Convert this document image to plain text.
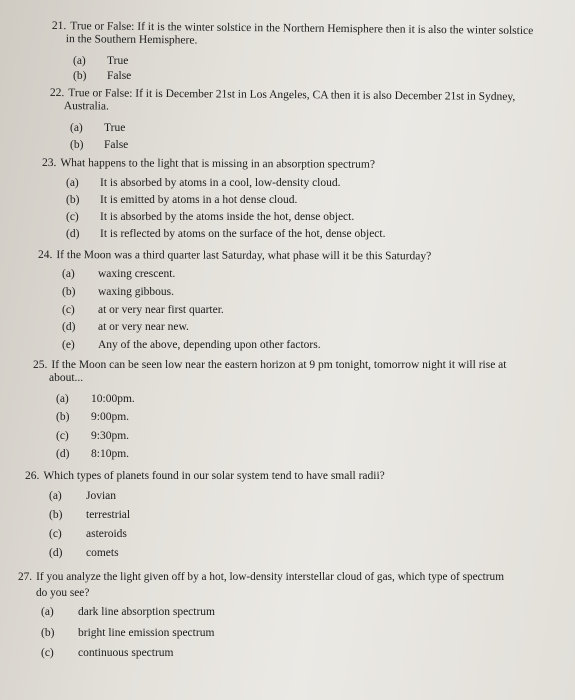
21. True or False: If it is the winter solstice in the Northern Hemisphere then it is also the winter solstice
in the Southern Hemisphere.
(a) True
(b) False
22. True or False: If it is December 21st in Los Angeles, CA then it is also December 21st in Sydney,
Australia.
(a) True
(b) False
23. What happens to the light that is missing in an absorption spectrum?
(a) It is absorbed by atoms in a cool, low-density cloud.
(b) It is emitted by atoms in a hot dense cloud.
(c) It is absorbed by the atoms inside the hot, dense object.
(d) It is reflected by atoms on the surface of the hot, dense object.
24. If the Moon was a third quarter last Saturday, what phase will it be this Saturday?
(a) waxing crescent.
(b) waxing gibbous.
(c) at or very near first quarter.
(d) at or very near new.
(e) Any of the above, depending upon other factors.
25. If the Moon can be seen low near the eastern horizon at 9 pm tonight, tomorrow night it will rise at
about...
(a) 10:00pm.
(b) 9:00pm.
(c) 9:30pm.
(d) 8:10pm.
26. Which types of planets found in our solar system tend to have small radii?
(a) Jovian
(b) terrestrial
(c) asteroids
(d) comets
27. If you analyze the light given off by a hot, low-density interstellar cloud of gas, which type of spectrum
do you see?
(a) dark line absorption spectrum
(b) bright line emission spectrum
(c) continuous spectrum
